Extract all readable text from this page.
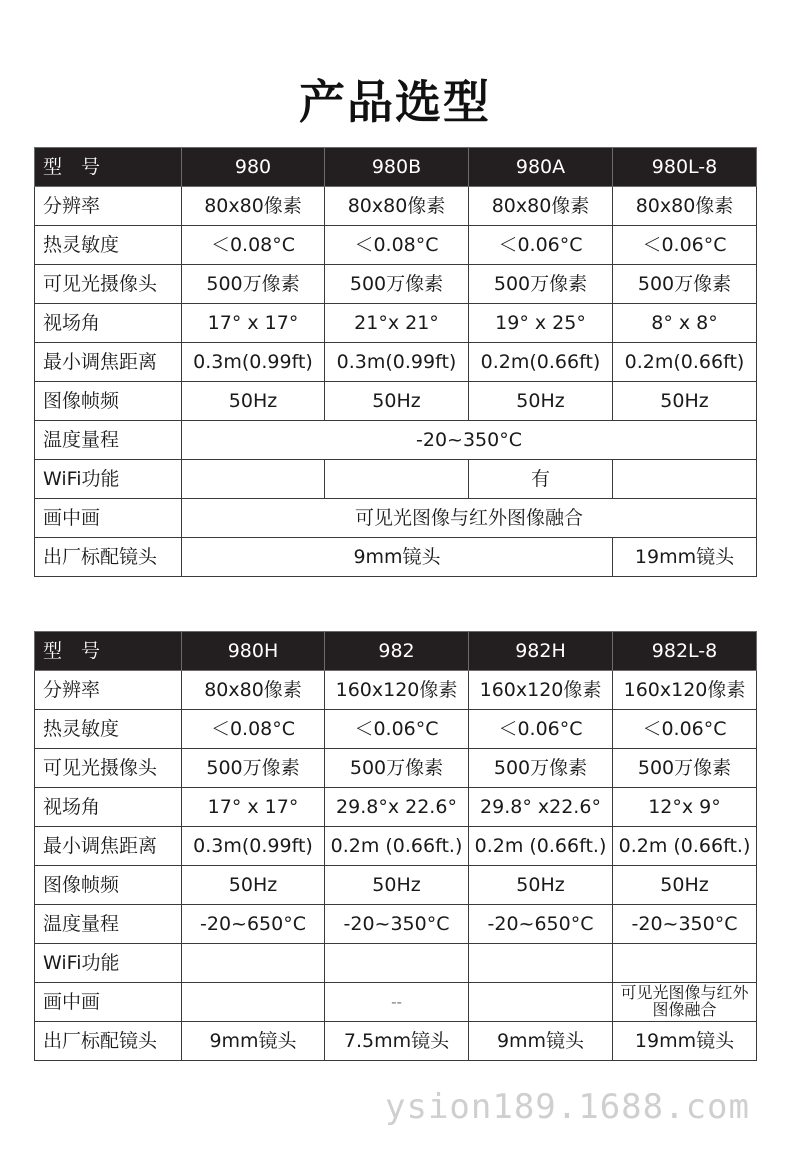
产品选型
型　号	980	980B	980A	980L-8
分辨率	80x80像素	80x80像素	80x80像素	80x80像素
热灵敏度	＜0.08°C	＜0.08°C	＜0.06°C	＜0.06°C
可见光摄像头	500万像素	500万像素	500万像素	500万像素
视场角	17° x 17°	21°x 21°	19° x 25°	8° x 8°
最小调焦距离	0.3m(0.99ft)	0.3m(0.99ft)	0.2m(0.66ft)	0.2m(0.66ft)
图像帧频	50Hz	50Hz	50Hz	50Hz
温度量程	-20~350°C			
WiFi功能			有	
画中画	可见光图像与红外图像融合			
出厂标配镜头	9mm镜头			19mm镜头
型　号	980H	982	982H	982L-8
分辨率	80x80像素	160x120像素	160x120像素	160x120像素
热灵敏度	＜0.08°C	＜0.06°C	＜0.06°C	＜0.06°C
可见光摄像头	500万像素	500万像素	500万像素	500万像素
视场角	17° x 17°	29.8°x 22.6°	29.8° x22.6°	12°x 9°
最小调焦距离	0.3m(0.99ft)	0.2m (0.66ft.)	0.2m (0.66ft.)	0.2m (0.66ft.)
图像帧频	50Hz	50Hz	50Hz	50Hz
温度量程	-20~650°C	-20~350°C	-20~650°C	-20~350°C
WiFi功能				
画中画		--		可见光图像与红外图像融合
出厂标配镜头	9mm镜头	7.5mm镜头	9mm镜头	19mm镜头
ysion189.1688.com
